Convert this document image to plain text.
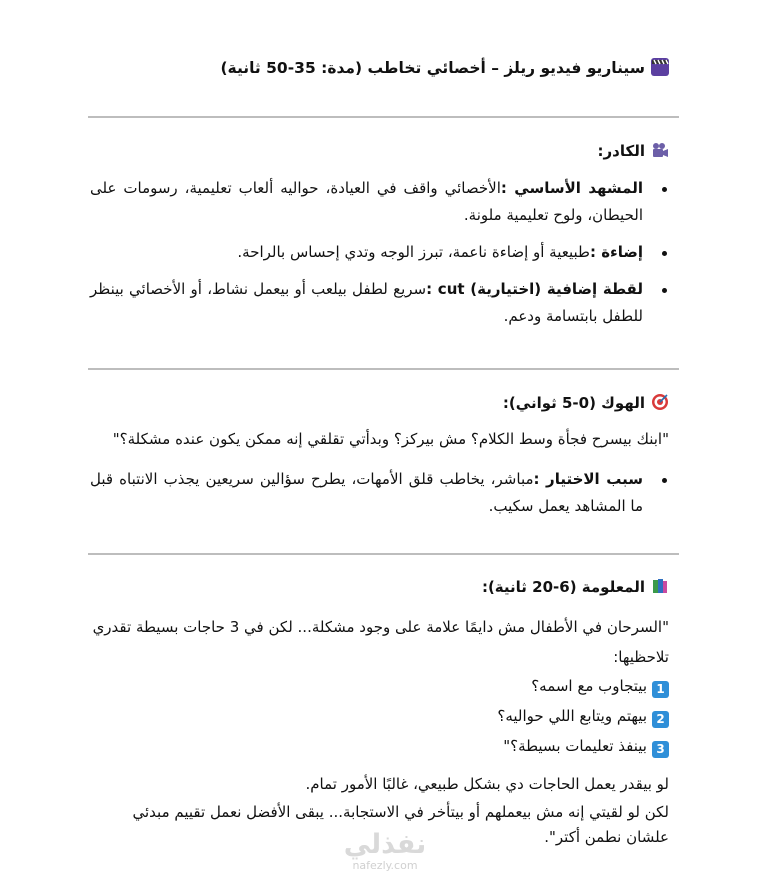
سيناريو فيديو ريلز – أخصائي تخاطب (مدة: 35-50 ثانية)
الكادر:
المشهد الأساسي :الأخصائي واقف في العيادة، حواليه ألعاب تعليمية، رسومات على الحيطان، ولوح تعليمية ملونة.
إضاءة :طبيعية أو إضاءة ناعمة، تبرز الوجه وتدي إحساس بالراحة.
لقطة إضافية (اختيارية) cut :سريع لطفل بيلعب أو بيعمل نشاط، أو الأخصائي بينظر للطفل بابتسامة ودعم.
الهوك (0-5 ثواني):
"ابنك بيسرح فجأة وسط الكلام؟ مش بيركز؟ وبدأتي تقلقي إنه ممكن يكون عنده مشكلة؟"
سبب الاختيار :مباشر، يخاطب قلق الأمهات، يطرح سؤالين سريعين يجذب الانتباه قبل ما المشاهد يعمل سكيب.
المعلومة (6-20 ثانية):
"السرحان في الأطفال مش دايمًا علامة على وجود مشكلة... لكن في 3 حاجات بسيطة تقدري تلاحظيها:
1بيتجاوب مع اسمه؟
2بيهتم ويتابع اللي حواليه؟
3بينفذ تعليمات بسيطة؟"
لو بيقدر يعمل الحاجات دي بشكل طبيعي، غالبًا الأمور تمام.
لكن لو لقيتي إنه مش بيعملهم أو بيتأخر في الاستجابة... يبقى الأفضل نعمل تقييم مبدئي علشان نطمن أكتر".
نفذلي
nafezly.com
